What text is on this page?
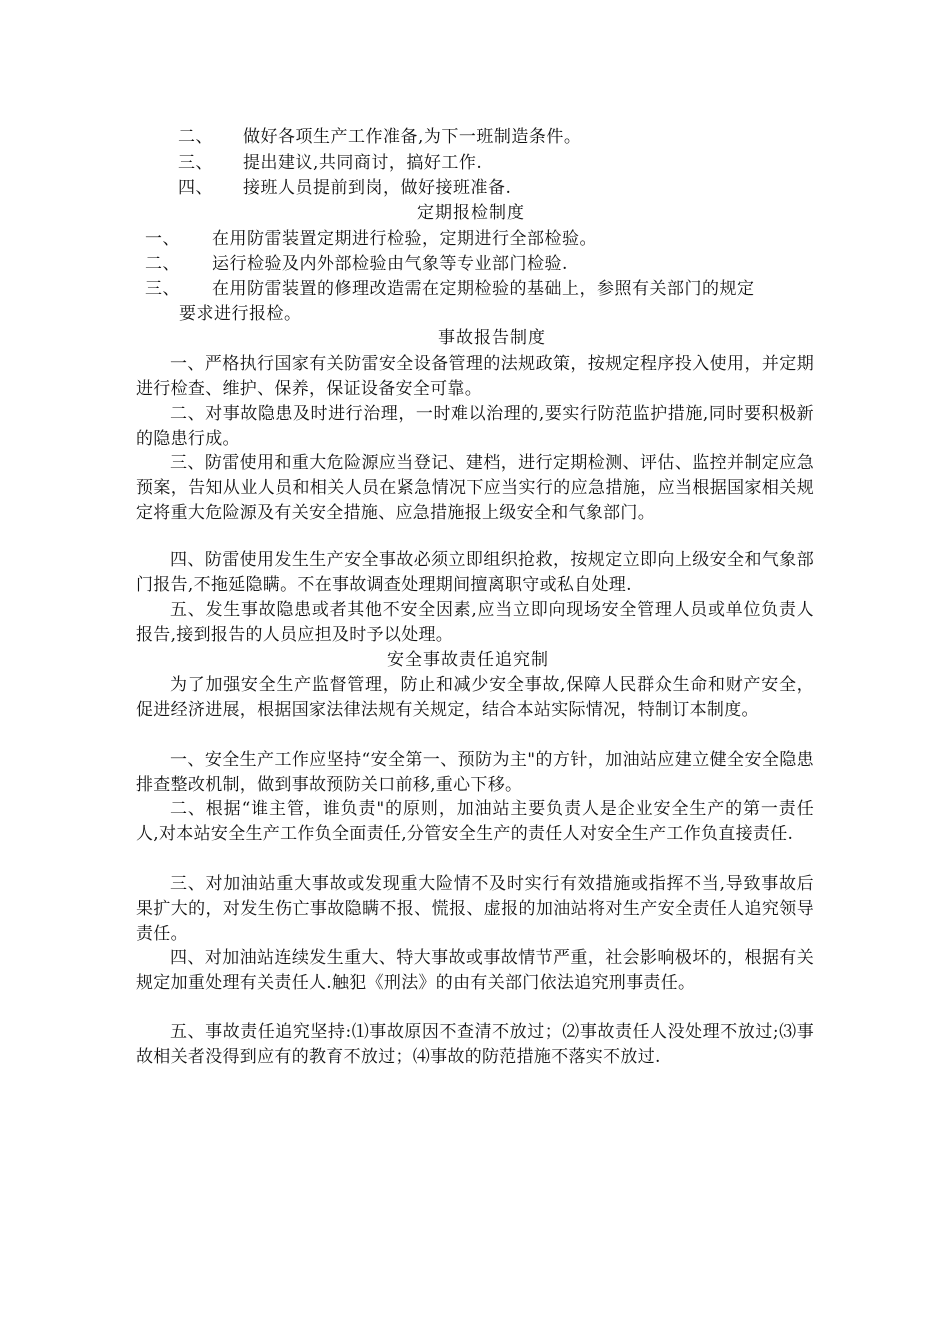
二、 做好各项生产工作准备,为下一班制造条件。
三、 提出建议,共同商讨，搞好工作.
四、 接班人员提前到岗，做好接班准备.
定期报检制度
一、 在用防雷装置定期进行检验，定期进行全部检验。
二、 运行检验及内外部检验由气象等专业部门检验.
三、 在用防雷装置的修理改造需在定期检验的基础上，参照有关部门的规定
要求进行报检。
事故报告制度
一、严格执行国家有关防雷安全设备管理的法规政策，按规定程序投入使用，并定期进行检查、维护、保养，保证设备安全可靠。
二、对事故隐患及时进行治理，一时难以治理的,要实行防范监护措施,同时要积极新的隐患行成。
三、防雷使用和重大危险源应当登记、建档，进行定期检测、评估、监控并制定应急预案，告知从业人员和相关人员在紧急情况下应当实行的应急措施，应当根据国家相关规定将重大危险源及有关安全措施、应急措施报上级安全和气象部门。
四、防雷使用发生生产安全事故必须立即组织抢救，按规定立即向上级安全和气象部门报告,不拖延隐瞒。不在事故调查处理期间擅离职守或私自处理.
五、发生事故隐患或者其他不安全因素,应当立即向现场安全管理人员或单位负责人报告,接到报告的人员应担及时予以处理。
安全事故责任追究制
为了加强安全生产监督管理，防止和减少安全事故,保障人民群众生命和财产安全，促进经济进展，根据国家法律法规有关规定，结合本站实际情况，特制订本制度。
一、安全生产工作应坚持“安全第一、预防为主"的方针，加油站应建立健全安全隐患排查整改机制，做到事故预防关口前移,重心下移。
二、根据“谁主管，谁负责"的原则，加油站主要负责人是企业安全生产的第一责任人,对本站安全生产工作负全面责任,分管安全生产的责任人对安全生产工作负直接责任.
三、对加油站重大事故或发现重大险情不及时实行有效措施或指挥不当,导致事故后果扩大的，对发生伤亡事故隐瞒不报、慌报、虚报的加油站将对生产安全责任人追究领导责任。
四、对加油站连续发生重大、特大事故或事故情节严重，社会影响极坏的，根据有关规定加重处理有关责任人.触犯《刑法》的由有关部门依法追究刑事责任。
五、事故责任追究坚持:⑴事故原因不查清不放过；⑵事故责任人没处理不放过;⑶事故相关者没得到应有的教育不放过；⑷事故的防范措施不落实不放过.
